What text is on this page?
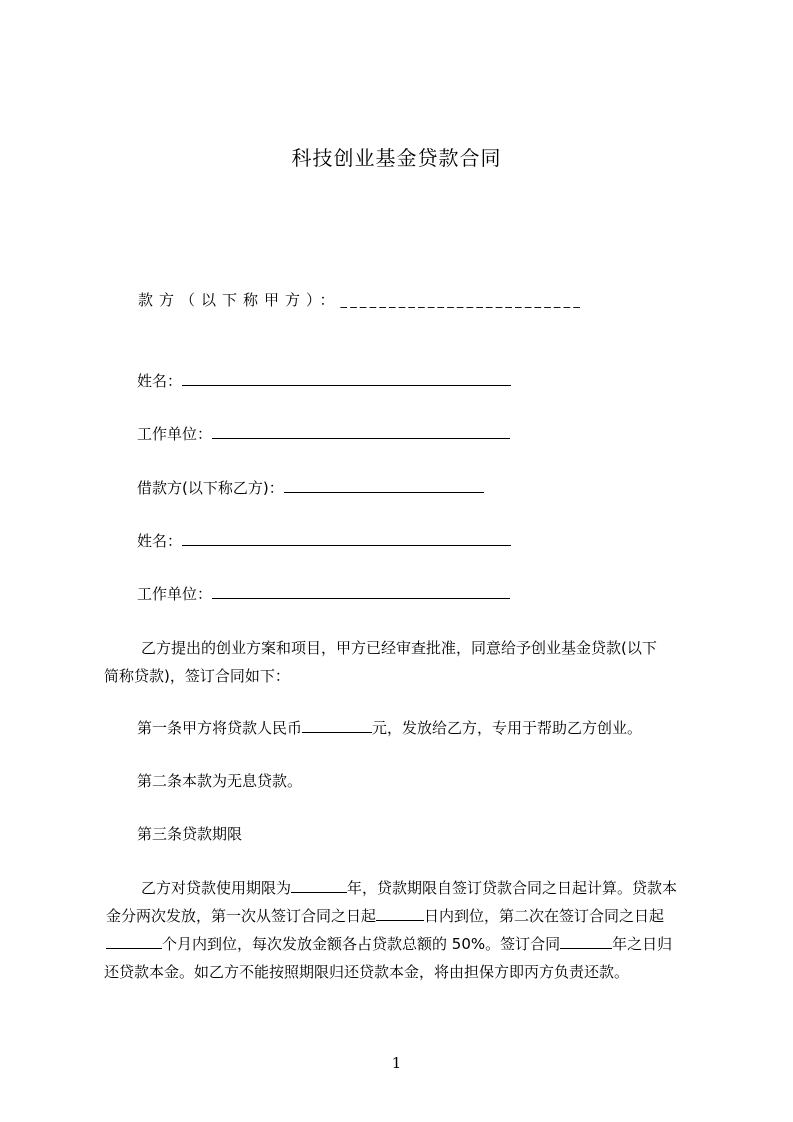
科技创业基金贷款合同
款方（以下称甲方）：_________________________
姓名：
工作单位：
借款方(以下称乙方)：
姓名：
工作单位：
乙方提出的创业方案和项目，甲方已经审查批准，同意给予创业基金贷款(以下
简称贷款)，签订合同如下：
第一条甲方将贷款人民币	元，发放给乙方，专用于帮助乙方创业。
第二条本款为无息贷款。
第三条贷款期限
乙方对贷款使用期限为	年，贷款期限自签订贷款合同之日起计算。贷款本
金分两次发放，第一次从签订合同之日起	日内到位，第二次在签订合同之日起
个月内到位，每次发放金额各占贷款总额的 50%。签订合同	年之日归
还贷款本金。如乙方不能按照期限归还贷款本金，将由担保方即丙方负责还款。
1
